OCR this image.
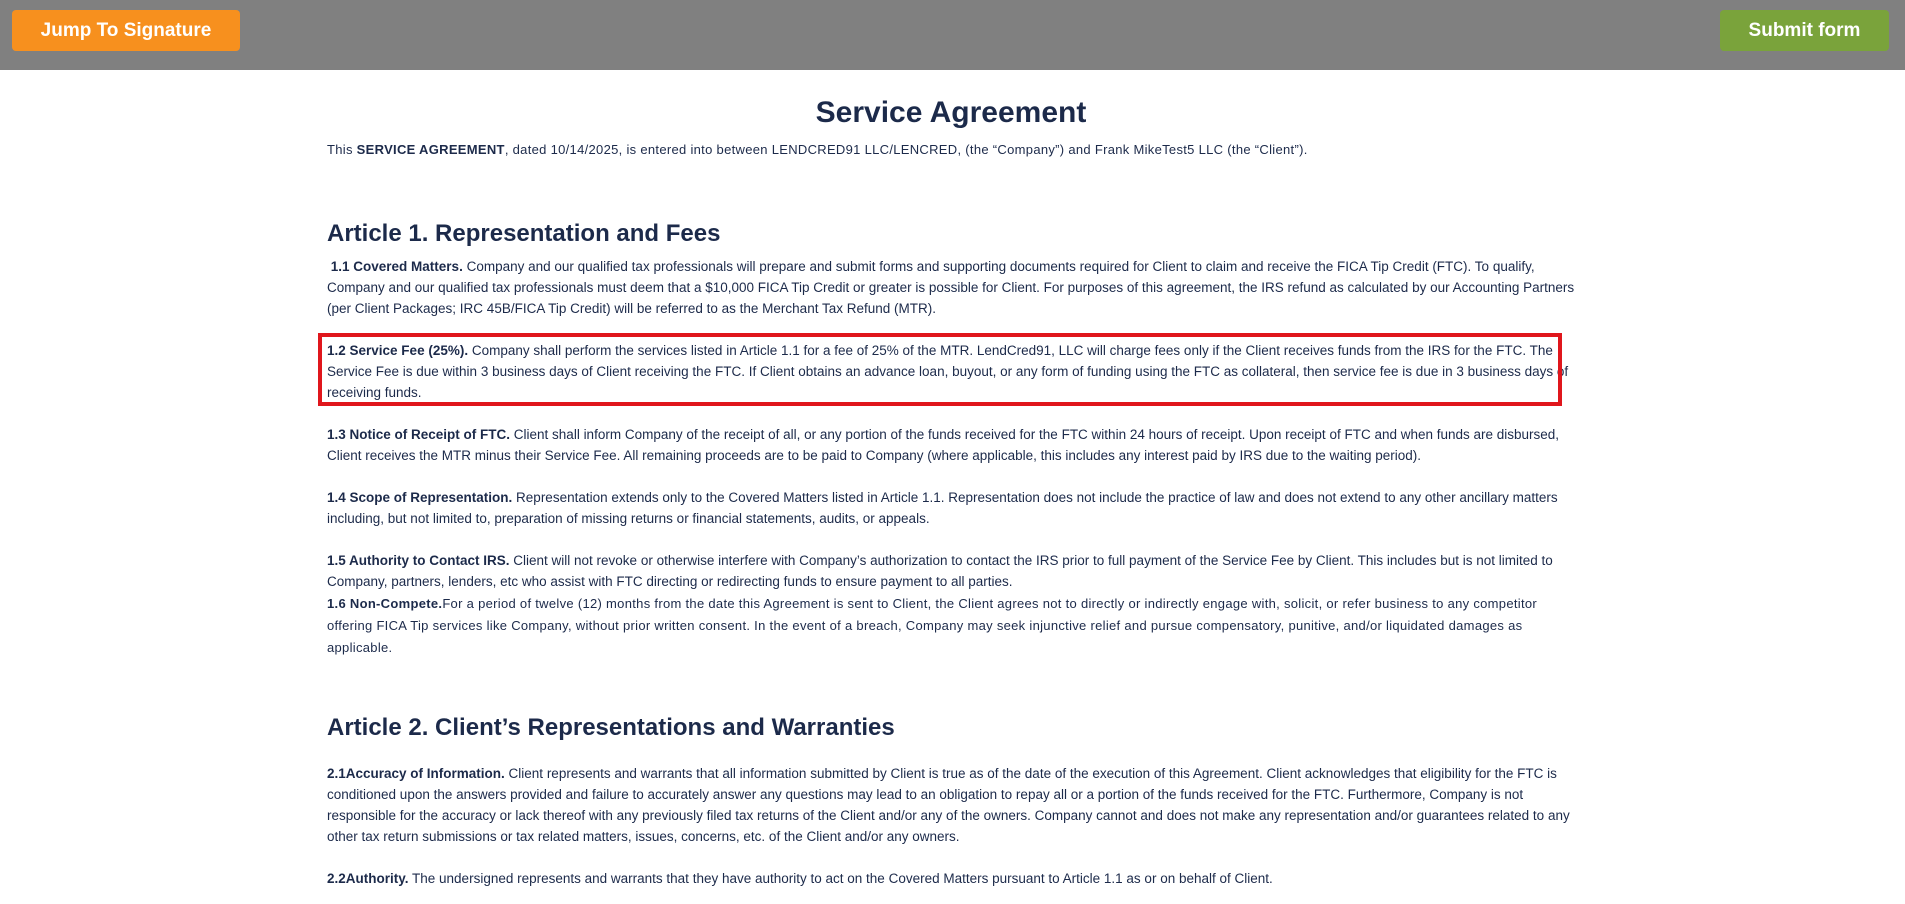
Jump To Signature	Submit form
Service Agreement

This SERVICE AGREEMENT, dated 10/14/2025, is entered into between LENDCRED91 LLC/LENCRED, (the “Company”) and Frank MikeTest5 LLC (the “Client”).

Article 1. Representation and Fees

1.1 Covered Matters. Company and our qualified tax professionals will prepare and submit forms and supporting documents required for Client to claim and receive the FICA Tip Credit (FTC). To qualify, Company and our qualified tax professionals must deem that a $10,000 FICA Tip Credit or greater is possible for Client. For purposes of this agreement, the IRS refund as calculated by our Accounting Partners (per Client Packages; IRC 45B/FICA Tip Credit) will be referred to as the Merchant Tax Refund (MTR).

1.2 Service Fee (25%). Company shall perform the services listed in Article 1.1 for a fee of 25% of the MTR. LendCred91, LLC will charge fees only if the Client receives funds from the IRS for the FTC. The Service Fee is due within 3 business days of Client receiving the FTC. If Client obtains an advance loan, buyout, or any form of funding using the FTC as collateral, then service fee is due in 3 business days of receiving funds.

1.3 Notice of Receipt of FTC. Client shall inform Company of the receipt of all, or any portion of the funds received for the FTC within 24 hours of receipt. Upon receipt of FTC and when funds are disbursed, Client receives the MTR minus their Service Fee. All remaining proceeds are to be paid to Company (where applicable, this includes any interest paid by IRS due to the waiting period).

1.4 Scope of Representation. Representation extends only to the Covered Matters listed in Article 1.1. Representation does not include the practice of law and does not extend to any other ancillary matters including, but not limited to, preparation of missing returns or financial statements, audits, or appeals.

1.5 Authority to Contact IRS. Client will not revoke or otherwise interfere with Company’s authorization to contact the IRS prior to full payment of the Service Fee by Client. This includes but is not limited to Company, partners, lenders, etc who assist with FTC directing or redirecting funds to ensure payment to all parties.

1.6 Non-Compete.For a period of twelve (12) months from the date this Agreement is sent to Client, the Client agrees not to directly or indirectly engage with, solicit, or refer business to any competitor offering FICA Tip services like Company, without prior written consent. In the event of a breach, Company may seek injunctive relief and pursue compensatory, punitive, and/or liquidated damages as applicable.

Article 2. Client’s Representations and Warranties

2.1Accuracy of Information. Client represents and warrants that all information submitted by Client is true as of the date of the execution of this Agreement. Client acknowledges that eligibility for the FTC is conditioned upon the answers provided and failure to accurately answer any questions may lead to an obligation to repay all or a portion of the funds received for the FTC. Furthermore, Company is not responsible for the accuracy or lack thereof with any previously filed tax returns of the Client and/or any of the owners. Company cannot and does not make any representation and/or guarantees related to any other tax return submissions or tax related matters, issues, concerns, etc. of the Client and/or any owners.

2.2Authority. The undersigned represents and warrants that they have authority to act on the Covered Matters pursuant to Article 1.1 as or on behalf of Client.
